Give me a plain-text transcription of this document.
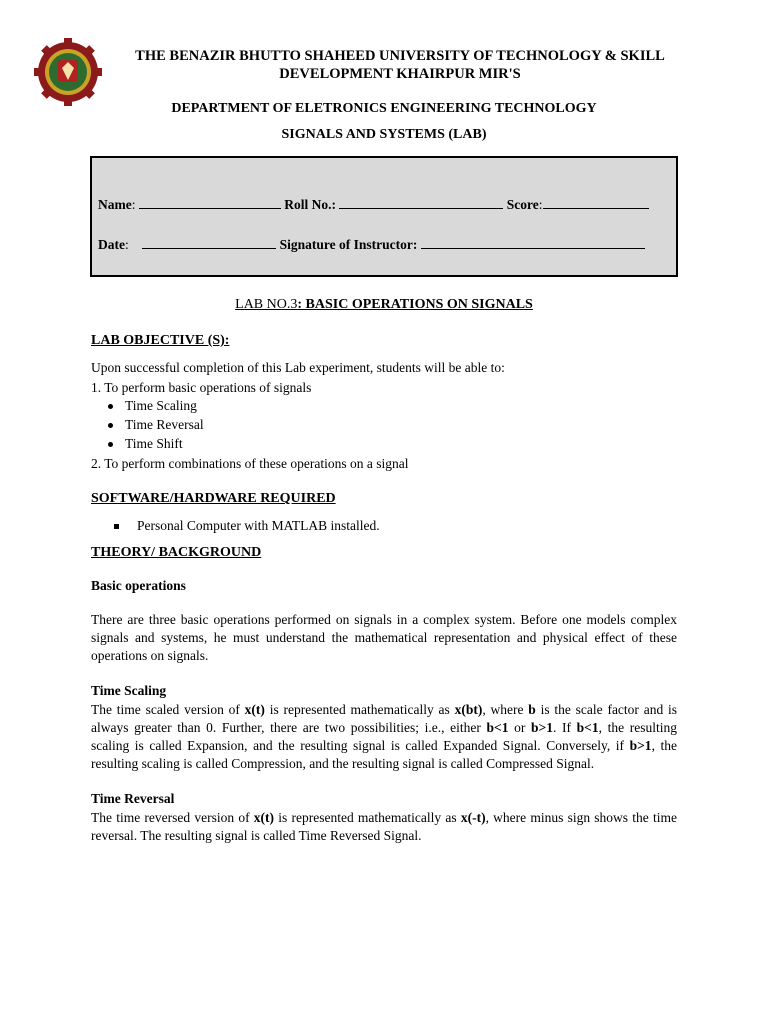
THE BENAZIR BHUTTO SHAHEED UNIVERSITY OF TECHNOLOGY & SKILL
DEVELOPMENT KHAIRPUR MIR'S
DEPARTMENT OF ELETRONICS ENGINEERING TECHNOLOGY
SIGNALS AND SYSTEMS (LAB)
Name:	Roll No.:	Score:
Date:	Signature of Instructor:
LAB NO.3: BASIC OPERATIONS ON SIGNALS
LAB OBJECTIVE (S):
Upon successful completion of this Lab experiment, students will be able to:
1. To perform basic operations of signals
Time Scaling
Time Reversal
Time Shift
2. To perform combinations of these operations on a signal
SOFTWARE/HARDWARE REQUIRED
Personal Computer with MATLAB installed.
THEORY/ BACKGROUND
Basic operations
There are three basic operations performed on signals in a complex system. Before one models complex signals and systems, he must understand the mathematical representation and physical effect of these operations on signals.
Time Scaling
The time scaled version of x(t) is represented mathematically as x(bt), where b is the scale factor and is always greater than 0. Further, there are two possibilities; i.e., either b<1 or b>1. If b<1, the resulting scaling is called Expansion, and the resulting signal is called Expanded Signal. Conversely, if b>1, the resulting scaling is called Compression, and the resulting signal is called Compressed Signal.
Time Reversal
The time reversed version of x(t) is represented mathematically as x(-t), where minus sign shows the time reversal. The resulting signal is called Time Reversed Signal.
